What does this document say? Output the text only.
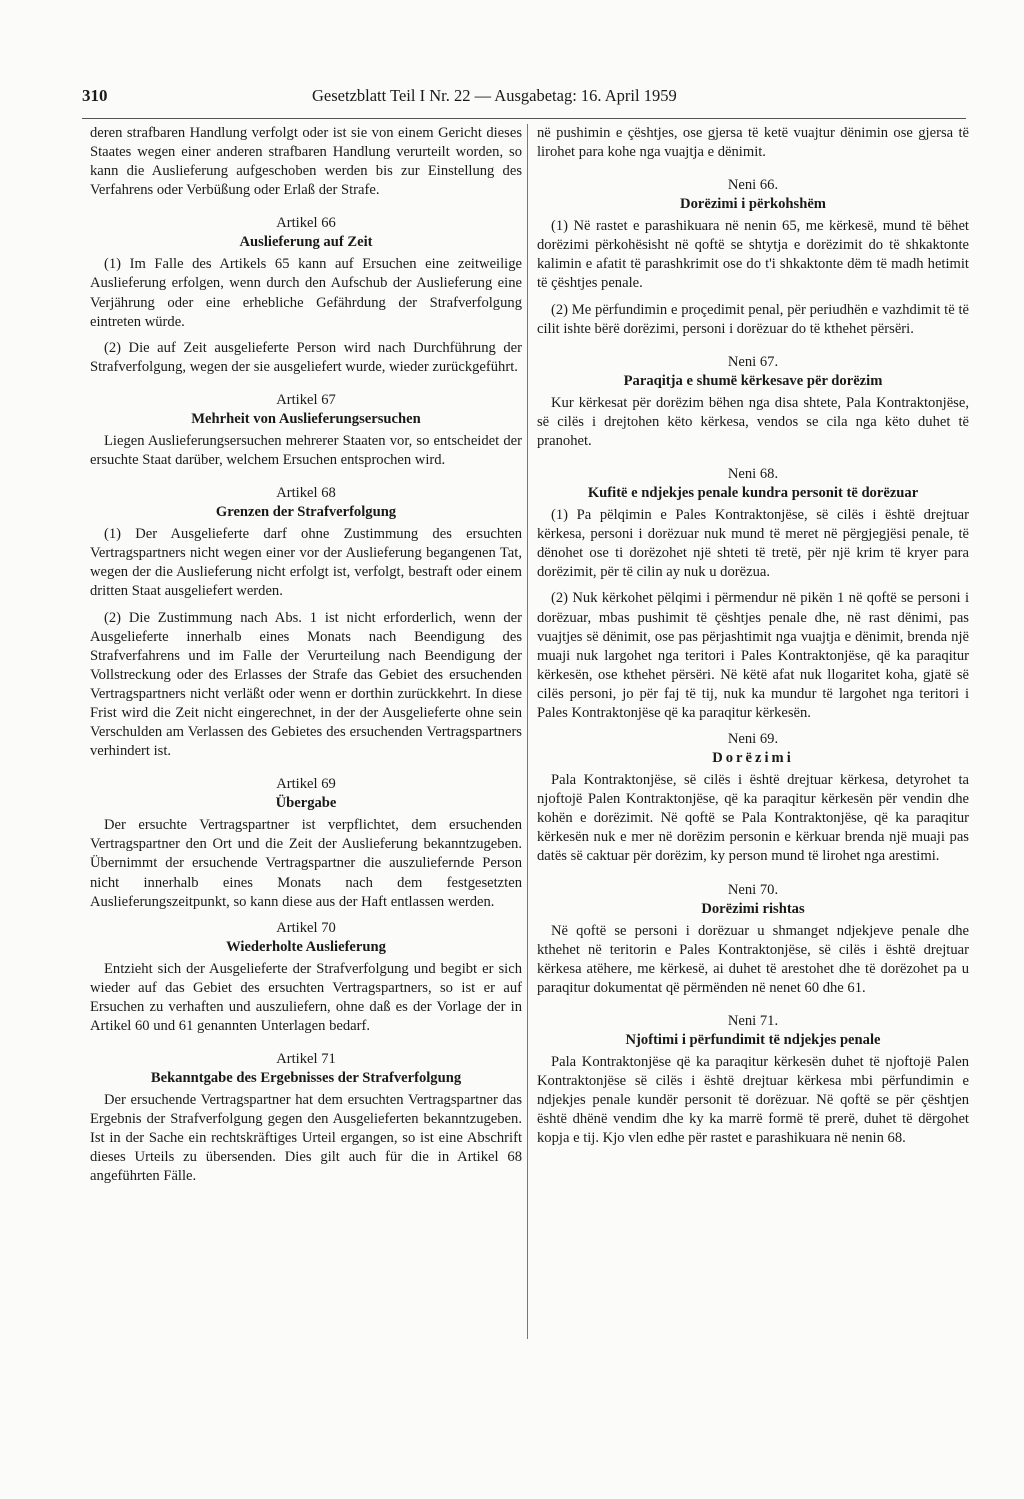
310	Gesetzblatt Teil I Nr. 22 — Ausgabetag: 16. April 1959

deren strafbaren Handlung verfolgt oder ist sie von einem Gericht dieses Staates wegen einer anderen strafbaren Handlung verurteilt worden, so kann die Auslieferung aufgeschoben werden bis zur Einstellung des Verfahrens oder Verbüßung oder Erlaß der Strafe.

Artikel 66
Auslieferung auf Zeit

(1) Im Falle des Artikels 65 kann auf Ersuchen eine zeitweilige Auslieferung erfolgen, wenn durch den Aufschub der Auslieferung eine Verjährung oder eine erhebliche Gefährdung der Strafverfolgung eintreten würde.

(2) Die auf Zeit ausgelieferte Person wird nach Durchführung der Strafverfolgung, wegen der sie ausgeliefert wurde, wieder zurückgeführt.

Artikel 67
Mehrheit von Auslieferungsersuchen

Liegen Auslieferungsersuchen mehrerer Staaten vor, so entscheidet der ersuchte Staat darüber, welchem Ersuchen entsprochen wird.

Artikel 68
Grenzen der Strafverfolgung

(1) Der Ausgelieferte darf ohne Zustimmung des ersuchten Vertragspartners nicht wegen einer vor der Auslieferung begangenen Tat, wegen der die Auslieferung nicht erfolgt ist, verfolgt, bestraft oder einem dritten Staat ausgeliefert werden.

(2) Die Zustimmung nach Abs. 1 ist nicht erforderlich, wenn der Ausgelieferte innerhalb eines Monats nach Beendigung des Strafverfahrens und im Falle der Verurteilung nach Beendigung der Vollstreckung oder des Erlasses der Strafe das Gebiet des ersuchenden Vertragspartners nicht verläßt oder wenn er dorthin zurückkehrt. In diese Frist wird die Zeit nicht eingerechnet, in der der Ausgelieferte ohne sein Verschulden am Verlassen des Gebietes des ersuchenden Vertragspartners verhindert ist.

Artikel 69
Übergabe

Der ersuchte Vertragspartner ist verpflichtet, dem ersuchenden Vertragspartner den Ort und die Zeit der Auslieferung bekanntzugeben. Übernimmt der ersuchende Vertragspartner die auszuliefernde Person nicht innerhalb eines Monats nach dem festgesetzten Auslieferungszeitpunkt, so kann diese aus der Haft entlassen werden.

Artikel 70
Wiederholte Auslieferung

Entzieht sich der Ausgelieferte der Strafverfolgung und begibt er sich wieder auf das Gebiet des ersuchten Vertragspartners, so ist er auf Ersuchen zu verhaften und auszuliefern, ohne daß es der Vorlage der in Artikel 60 und 61 genannten Unterlagen bedarf.

Artikel 71
Bekanntgabe des Ergebnisses der Strafverfolgung

Der ersuchende Vertragspartner hat dem ersuchten Vertragspartner das Ergebnis der Strafverfolgung gegen den Ausgelieferten bekanntzugeben. Ist in der Sache ein rechtskräftiges Urteil ergangen, so ist eine Abschrift dieses Urteils zu übersenden. Dies gilt auch für die in Artikel 68 angeführten Fälle.

në pushimin e çështjes, ose gjersa të ketë vuajtur dënimin ose gjersa të lirohet para kohe nga vuajtja e dënimit.

Neni 66.
Dorëzimi i përkohshëm

(1) Në rastet e parashikuara në nenin 65, me kërkesë, mund të bëhet dorëzimi përkohësisht në qoftë se shtytja e dorëzimit do të shkaktonte kalimin e afatit të parashkrimit ose do t'i shkaktonte dëm të madh hetimit të çështjes penale.

(2) Me përfundimin e proçedimit penal, për periudhën e vazhdimit të të cilit ishte bërë dorëzimi, personi i dorëzuar do të kthehet përsëri.

Neni 67.
Paraqitja e shumë kërkesave për dorëzim

Kur kërkesat për dorëzim bëhen nga disa shtete, Pala Kontraktonjëse, së cilës i drejtohen këto kërkesa, vendos se cila nga këto duhet të pranohet.

Neni 68.
Kufitë e ndjekjes penale kundra personit të dorëzuar

(1) Pa pëlqimin e Pales Kontraktonjëse, së cilës i është drejtuar kërkesa, personi i dorëzuar nuk mund të meret në përgjegjësi penale, të dënohet ose ti dorëzohet një shteti të tretë, për një krim të kryer para dorëzimit, për të cilin ay nuk u dorëzua.

(2) Nuk kërkohet pëlqimi i përmendur në pikën 1 në qoftë se personi i dorëzuar, mbas pushimit të çështjes penale dhe, në rast dënimi, pas vuajtjes së dënimit, ose pas përjashtimit nga vuajtja e dënimit, brenda një muaji nuk largohet nga teritori i Pales Kontraktonjëse, që ka paraqitur kërkesën, ose kthehet përsëri. Në këtë afat nuk llogaritet koha, gjatë së cilës personi, jo për faj të tij, nuk ka mundur të largohet nga teritori i Pales Kontraktonjëse që ka paraqitur kërkesën.

Neni 69.
Dorëzimi

Pala Kontraktonjëse, së cilës i është drejtuar kërkesa, detyrohet ta njoftojë Palen Kontraktonjëse, që ka paraqitur kërkesën për vendin dhe kohën e dorëzimit. Në qoftë se Pala Kontraktonjëse, që ka paraqitur kërkesën nuk e mer në dorëzim personin e kërkuar brenda një muaji pas datës së caktuar për dorëzim, ky person mund të lirohet nga arestimi.

Neni 70.
Dorëzimi rishtas

Në qoftë se personi i dorëzuar u shmanget ndjekjeve penale dhe kthehet në teritorin e Pales Kontraktonjëse, së cilës i është drejtuar kërkesa atëhere, me kërkesë, ai duhet të arestohet dhe të dorëzohet pa u paraqitur dokumentat që përmënden në nenet 60 dhe 61.

Neni 71.
Njoftimi i përfundimit të ndjekjes penale

Pala Kontraktonjëse që ka paraqitur kërkesën duhet të njoftojë Palen Kontraktonjëse së cilës i është drejtuar kërkesa mbi përfundimin e ndjekjes penale kundër personit të dorëzuar. Në qoftë se për çështjen është dhënë vendim dhe ky ka marrë formë të prerë, duhet të dërgohet kopja e tij. Kjo vlen edhe për rastet e parashikuara në nenin 68.
